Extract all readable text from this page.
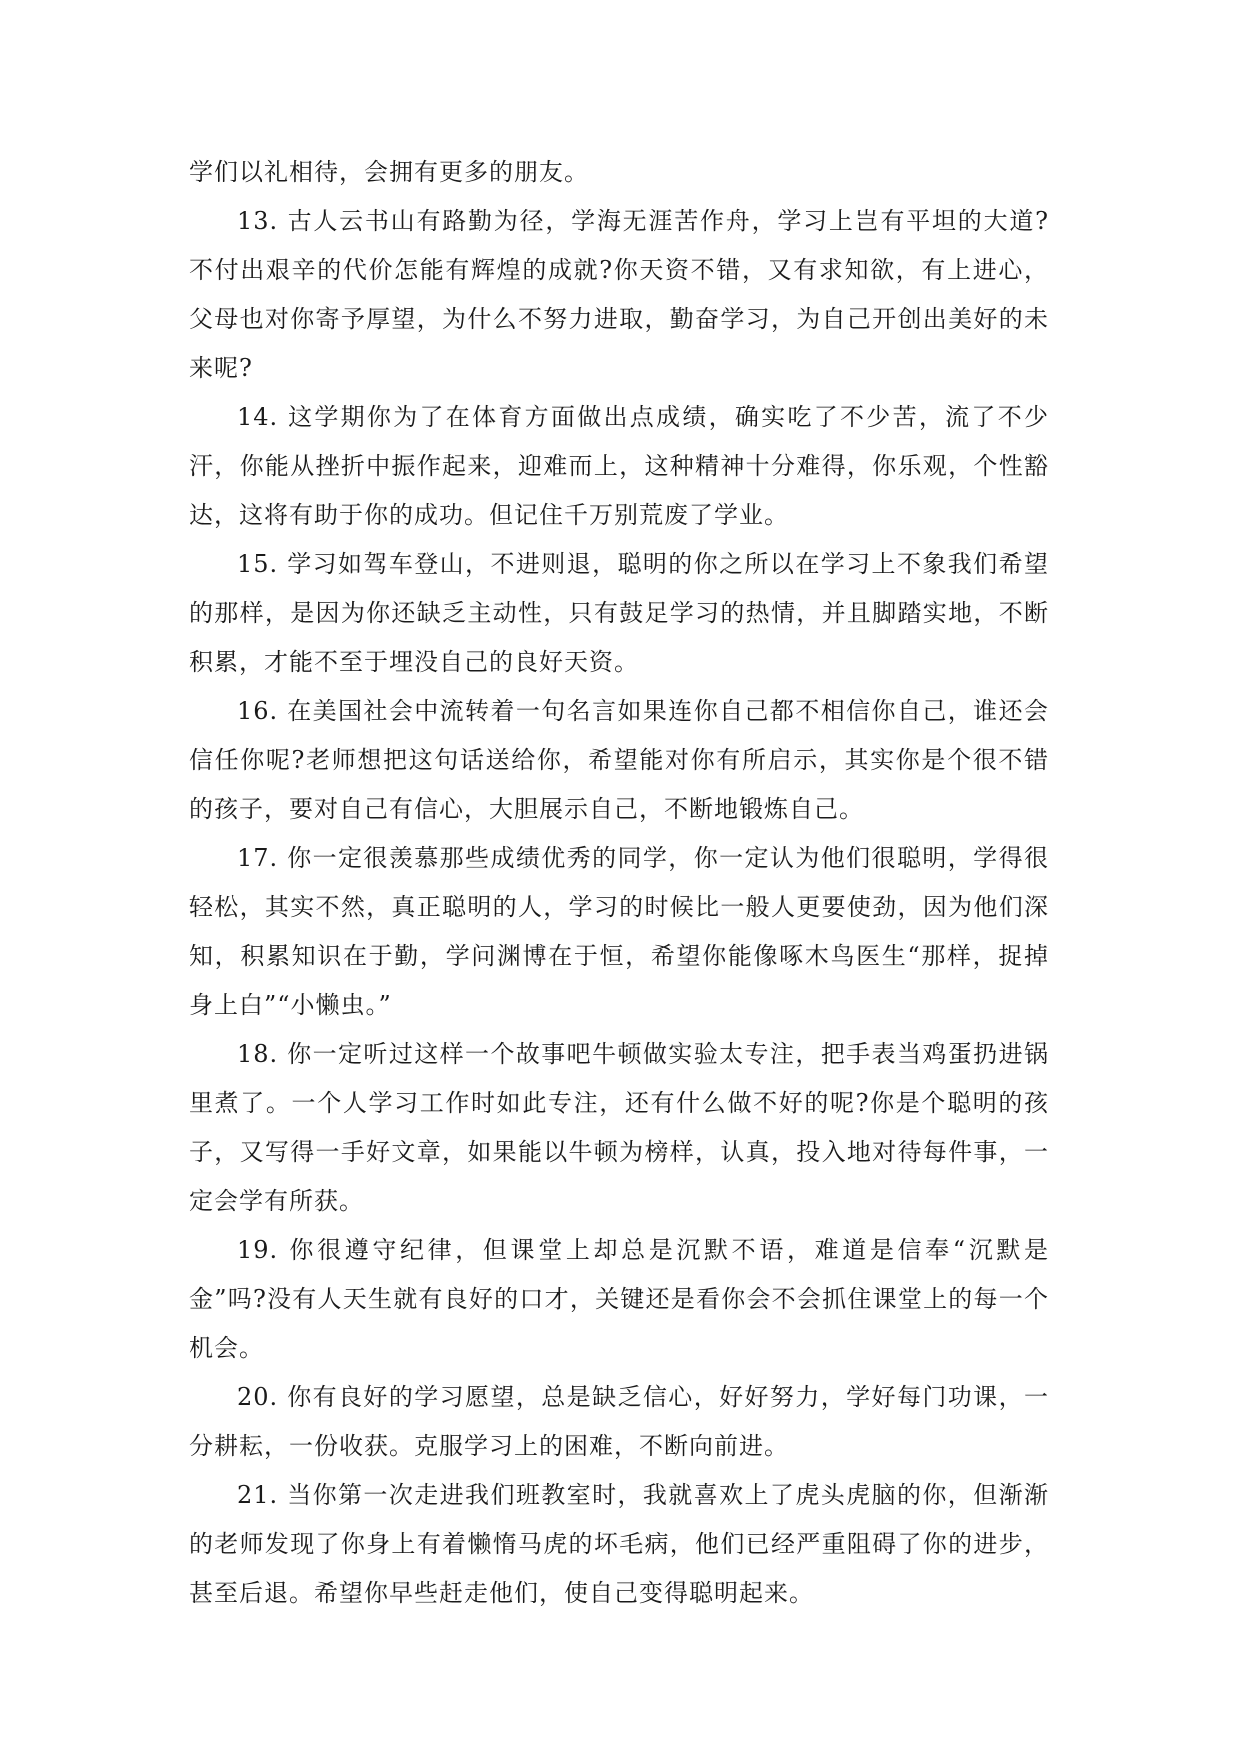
学们以礼相待，会拥有更多的朋友。

13. 古人云书山有路勤为径，学海无涯苦作舟，学习上岂有平坦的大道?不付出艰辛的代价怎能有辉煌的成就?你天资不错，又有求知欲，有上进心，父母也对你寄予厚望，为什么不努力进取，勤奋学习，为自己开创出美好的未来呢?

14. 这学期你为了在体育方面做出点成绩，确实吃了不少苦，流了不少汗，你能从挫折中振作起来，迎难而上，这种精神十分难得，你乐观，个性豁达，这将有助于你的成功。但记住千万别荒废了学业。

15. 学习如驾车登山，不进则退，聪明的你之所以在学习上不象我们希望的那样，是因为你还缺乏主动性，只有鼓足学习的热情，并且脚踏实地，不断积累，才能不至于埋没自己的良好天资。

16. 在美国社会中流转着一句名言如果连你自己都不相信你自己，谁还会信任你呢?老师想把这句话送给你，希望能对你有所启示，其实你是个很不错的孩子，要对自己有信心，大胆展示自己，不断地锻炼自己。

17. 你一定很羡慕那些成绩优秀的同学，你一定认为他们很聪明，学得很轻松，其实不然，真正聪明的人，学习的时候比一般人更要使劲，因为他们深知，积累知识在于勤，学问渊博在于恒，希望你能像啄木鸟医生“那样，捉掉身上白”“小懒虫。”

18. 你一定听过这样一个故事吧牛顿做实验太专注，把手表当鸡蛋扔进锅里煮了。一个人学习工作时如此专注，还有什么做不好的呢?你是个聪明的孩子，又写得一手好文章，如果能以牛顿为榜样，认真，投入地对待每件事，一定会学有所获。

19. 你很遵守纪律，但课堂上却总是沉默不语，难道是信奉“沉默是金”吗?没有人天生就有良好的口才，关键还是看你会不会抓住课堂上的每一个机会。

20. 你有良好的学习愿望，总是缺乏信心，好好努力，学好每门功课，一分耕耘，一份收获。克服学习上的困难，不断向前进。

21. 当你第一次走进我们班教室时，我就喜欢上了虎头虎脑的你，但渐渐的老师发现了你身上有着懒惰马虎的坏毛病，他们已经严重阻碍了你的进步，甚至后退。希望你早些赶走他们，使自己变得聪明起来。
